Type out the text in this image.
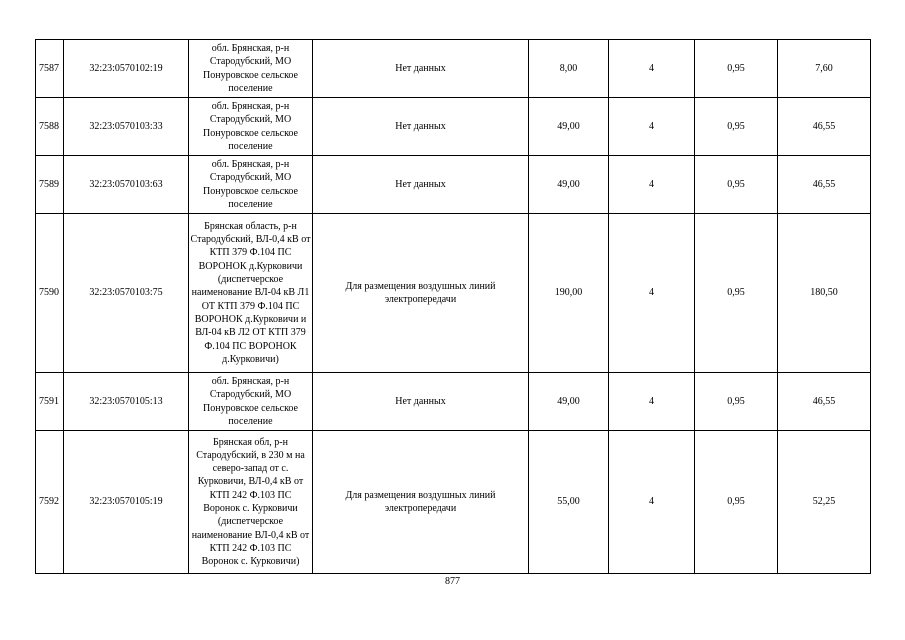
7587	32:23:0570102:19	обл. Брянская, р-н Стародубский, МО Понуровское сельское поселение	Нет данных	8,00	4	0,95	7,60
7588	32:23:0570103:33	обл. Брянская, р-н Стародубский, МО Понуровское сельское поселение	Нет данных	49,00	4	0,95	46,55
7589	32:23:0570103:63	обл. Брянская, р-н Стародубский, МО Понуровское сельское поселение	Нет данных	49,00	4	0,95	46,55
7590	32:23:0570103:75	Брянская область, р-н Стародубский, ВЛ-0,4 кВ от КТП 379 Ф.104 ПС ВОРОНОК д.Курковичи (диспетчерское наименование ВЛ-04 кВ Л1 ОТ КТП 379 Ф.104 ПС ВОРОНОК д.Курковичи и ВЛ-04 кВ Л2 ОТ КТП 379 Ф.104 ПС ВОРОНОК д.Курковичи)	Для размещения воздушных линий электропередачи	190,00	4	0,95	180,50
7591	32:23:0570105:13	обл. Брянская, р-н Стародубский, МО Понуровское сельское поселение	Нет данных	49,00	4	0,95	46,55
7592	32:23:0570105:19	Брянская обл, р-н Стародубский, в 230 м на северо-запад от с. Курковичи, ВЛ-0,4 кВ от КТП 242 Ф.103 ПС Воронок с. Курковичи (диспетчерское наименование ВЛ-0,4 кВ от КТП 242 Ф.103 ПС Воронок с. Курковичи)	Для размещения воздушных линий электропередачи	55,00	4	0,95	52,25
877
